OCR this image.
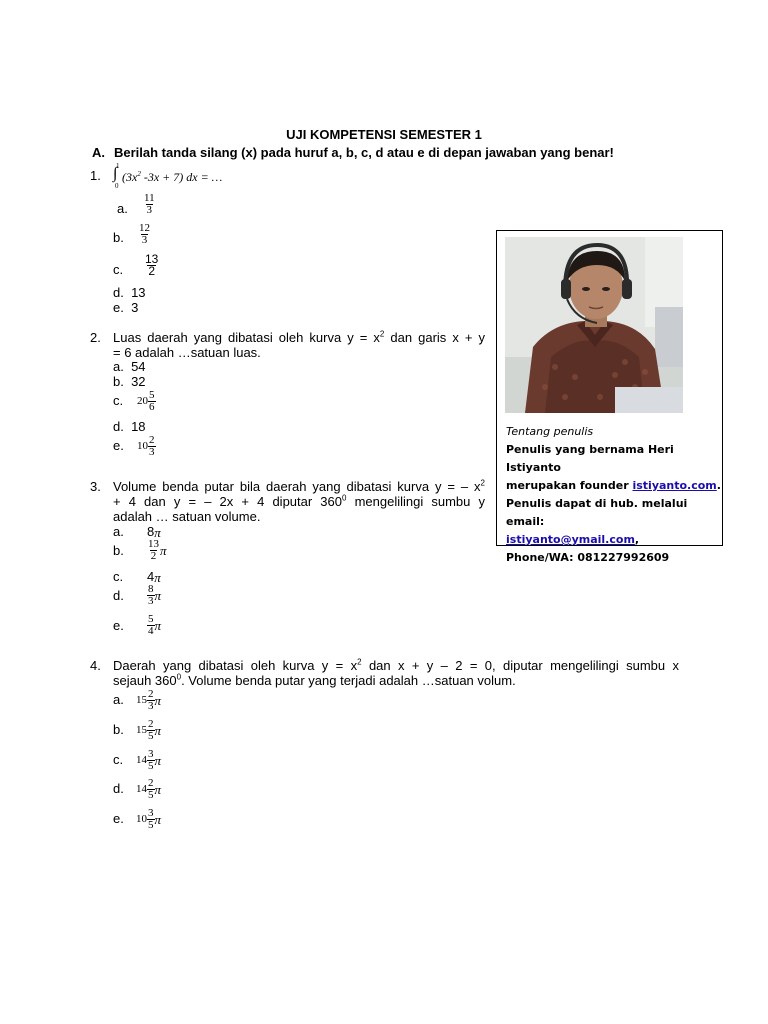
UJI KOMPETENSI SEMESTER 1
A. Berilah tanda silang (x) pada huruf a, b, c, d atau e di depan jawaban yang benar!
1. ∫
1
0
($3x^2$ -3x + 7) dx = …
a. $\frac{11}{3}$
b. $\frac{12}{3}$
c. $\frac{13}{2}$
d. 13
e. 3
2. Luas daerah yang dibatasi oleh kurva $y = x^2$ dan garis x + y
= 6 adalah …satuan luas.
a. 54
b. 32
c. $20 \frac{5}{6}$
d. 18
e. $10 \frac{2}{3}$
3. Volume benda putar bila daerah yang dibatasi kurva y = – $x^2$
+ 4 dan y = – 2x + 4 diputar $360^0$ mengelilingi sumbu y
adalah … satuan volume.
a. 8π
b. $\frac{13}{2}$ π
c. 4π
d. $\frac{8}{3}$ π
e. $\frac{5}{4}$ π
4. Daerah yang dibatasi oleh kurva $y = x^2$ dan x + y – 2 = 0, diputar mengelilingi sumbu x
sejauh $360^0$. Volume benda putar yang terjadi adalah …satuan volum.
a. $15 \frac{2}{3}$ π
b. $15 \frac{2}{5}$ π
c. $14 \frac{3}{5}$ π
d. $14 \frac{2}{5}$ π
e. $10 \frac{3}{5}$ π
Tentang penulis
Penulis yang bernama Heri Istiyanto
merupakan founder istiyanto.com.
Penulis dapat di hub. melalui email:
istiyanto@ymail.com,
Phone/WA: 081227992609
